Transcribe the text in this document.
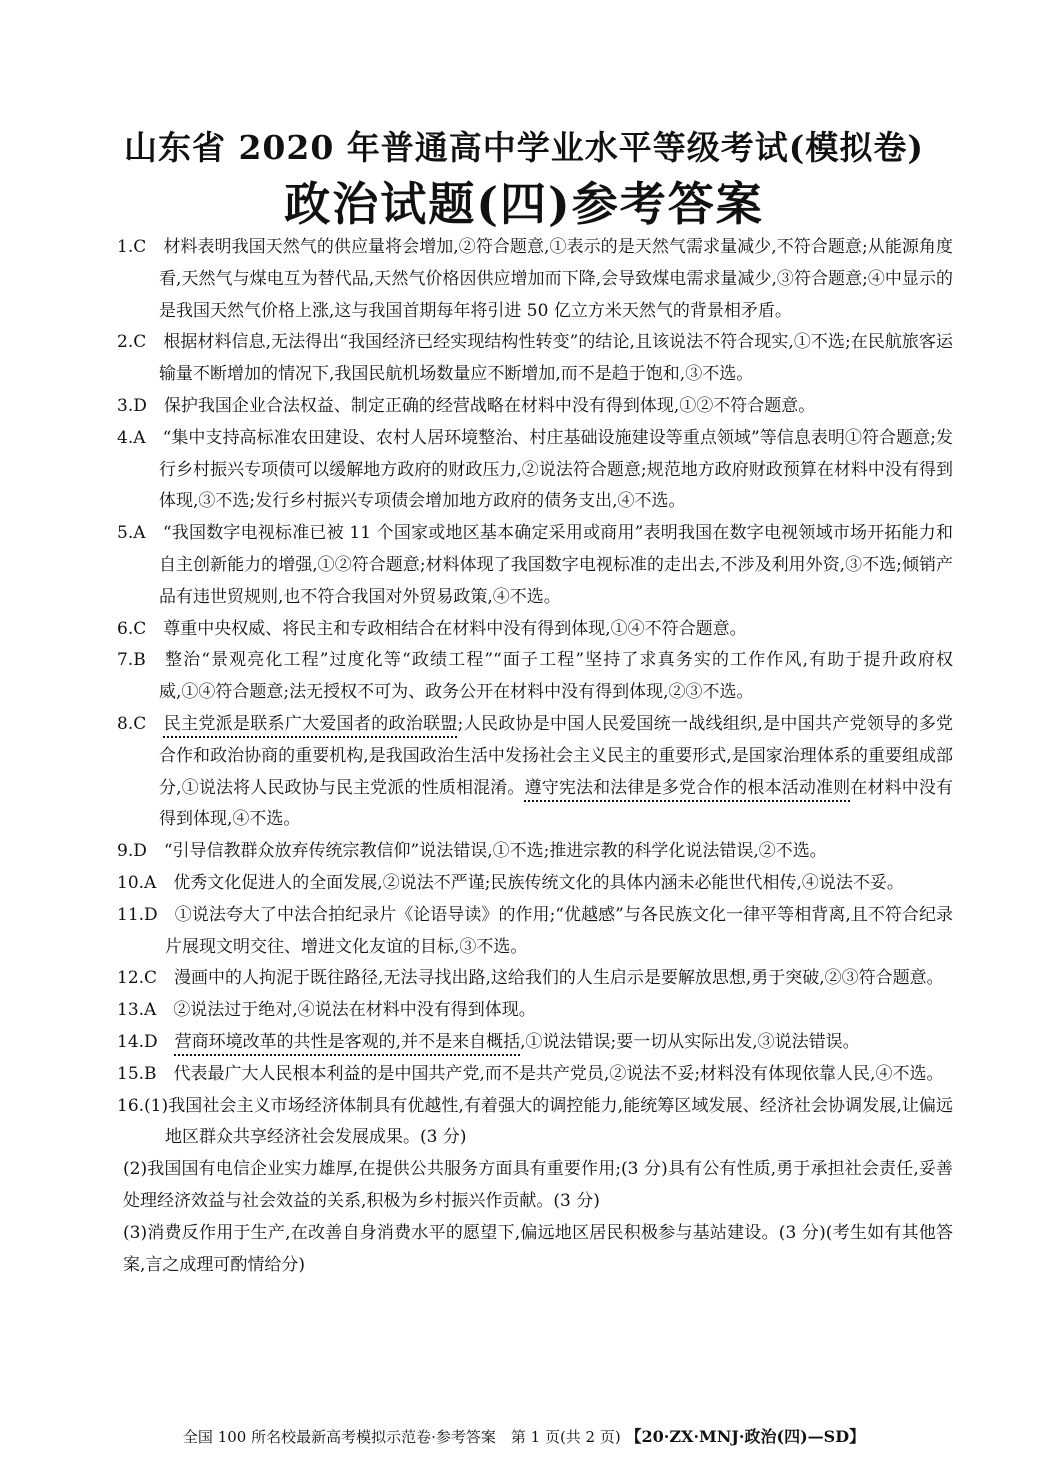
山东省 2020 年普通高中学业水平等级考试(模拟卷)
政治试题(四)参考答案
1.C　材料表明我国天然气的供应量将会增加,②符合题意,①表示的是天然气需求量减少,不符合题意;从能源角度看,天然气与煤电互为替代品,天然气价格因供应增加而下降,会导致煤电需求量减少,③符合题意;④中显示的是我国天然气价格上涨,这与我国首期每年将引进 50 亿立方米天然气的背景相矛盾。
2.C　根据材料信息,无法得出“我国经济已经实现结构性转变”的结论,且该说法不符合现实,①不选;在民航旅客运输量不断增加的情况下,我国民航机场数量应不断增加,而不是趋于饱和,③不选。
3.D　保护我国企业合法权益、制定正确的经营战略在材料中没有得到体现,①②不符合题意。
4.A　“集中支持高标准农田建设、农村人居环境整治、村庄基础设施建设等重点领域”等信息表明①符合题意;发行乡村振兴专项债可以缓解地方政府的财政压力,②说法符合题意;规范地方政府财政预算在材料中没有得到体现,③不选;发行乡村振兴专项债会增加地方政府的债务支出,④不选。
5.A　“我国数字电视标准已被 11 个国家或地区基本确定采用或商用”表明我国在数字电视领域市场开拓能力和自主创新能力的增强,①②符合题意;材料体现了我国数字电视标准的走出去,不涉及利用外资,③不选;倾销产品有违世贸规则,也不符合我国对外贸易政策,④不选。
6.C　尊重中央权威、将民主和专政相结合在材料中没有得到体现,①④不符合题意。
7.B　整治“景观亮化工程”过度化等“政绩工程”“面子工程”坚持了求真务实的工作作风,有助于提升政府权威,①④符合题意;法无授权不可为、政务公开在材料中没有得到体现,②③不选。
8.C　民主党派是联系广大爱国者的政治联盟;人民政协是中国人民爱国统一战线组织,是中国共产党领导的多党合作和政治协商的重要机构,是我国政治生活中发扬社会主义民主的重要形式,是国家治理体系的重要组成部分,①说法将人民政协与民主党派的性质相混淆。遵守宪法和法律是多党合作的根本活动准则在材料中没有得到体现,④不选。
9.D　“引导信教群众放弃传统宗教信仰”说法错误,①不选;推进宗教的科学化说法错误,②不选。
10.A　优秀文化促进人的全面发展,②说法不严谨;民族传统文化的具体内涵未必能世代相传,④说法不妥。
11.D　①说法夸大了中法合拍纪录片《论语导读》的作用;“优越感”与各民族文化一律平等相背离,且不符合纪录片展现文明交往、增进文化友谊的目标,③不选。
12.C　漫画中的人拘泥于既往路径,无法寻找出路,这给我们的人生启示是要解放思想,勇于突破,②③符合题意。
13.A　②说法过于绝对,④说法在材料中没有得到体现。
14.D　营商环境改革的共性是客观的,并不是来自概括,①说法错误;要一切从实际出发,③说法错误。
15.B　代表最广大人民根本利益的是中国共产党,而不是共产党员,②说法不妥;材料没有体现依靠人民,④不选。
16.(1)我国社会主义市场经济体制具有优越性,有着强大的调控能力,能统筹区域发展、经济社会协调发展,让偏远地区群众共享经济社会发展成果。(3 分)
(2)我国国有电信企业实力雄厚,在提供公共服务方面具有重要作用;(3 分)具有公有性质,勇于承担社会责任,妥善处理经济效益与社会效益的关系,积极为乡村振兴作贡献。(3 分)
(3)消费反作用于生产,在改善自身消费水平的愿望下,偏远地区居民积极参与基站建设。(3 分)(考生如有其他答案,言之成理可酌情给分)
全国 100 所名校最新高考模拟示范卷·参考答案　第 1 页(共 2 页) 【20·ZX·MNJ·政治(四)—SD】
